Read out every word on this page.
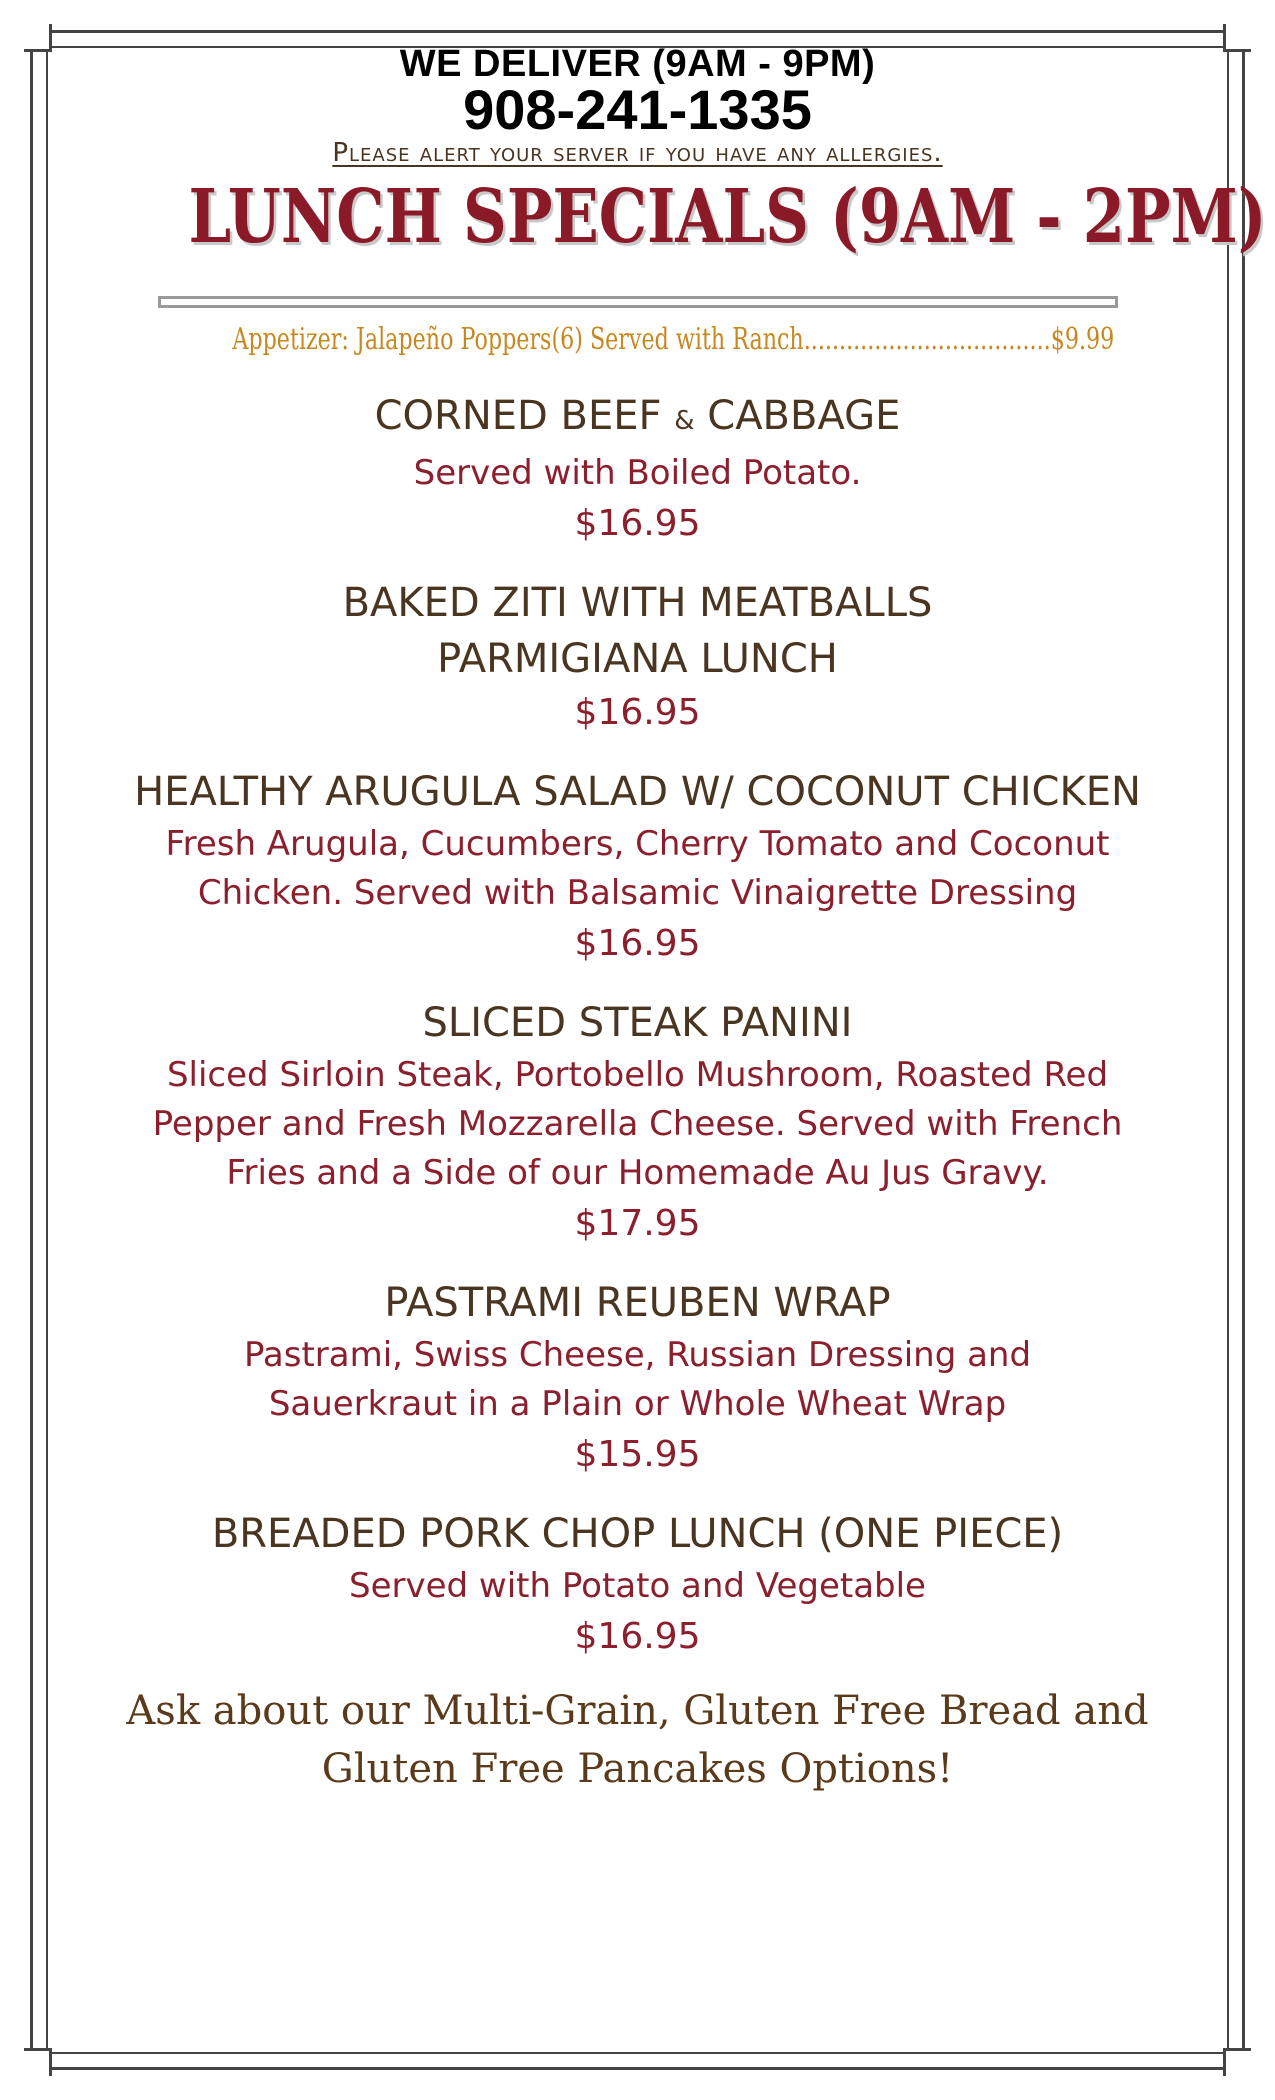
WE DELIVER (9AM - 9PM)
908-241-1335
Please alert your server if you have any allergies.
LUNCH SPECIALS (9AM - 2PM)
Appetizer: Jalapeño Poppers(6) Served with Ranch...................................$9.99
CORNED BEEF & CABBAGE
Served with Boiled Potato.
$16.95
BAKED ZITI WITH MEATBALLS PARMIGIANA LUNCH
$16.95
HEALTHY ARUGULA SALAD W/ COCONUT CHICKEN
Fresh Arugula, Cucumbers, Cherry Tomato and Coconut Chicken. Served with Balsamic Vinaigrette Dressing
$16.95
SLICED STEAK PANINI
Sliced Sirloin Steak, Portobello Mushroom, Roasted Red Pepper and Fresh Mozzarella Cheese. Served with French Fries and a Side of our Homemade Au Jus Gravy.
$17.95
PASTRAMI REUBEN WRAP
Pastrami, Swiss Cheese, Russian Dressing and Sauerkraut in a Plain or Whole Wheat Wrap
$15.95
BREADED PORK CHOP LUNCH (ONE PIECE)
Served with Potato and Vegetable
$16.95
Ask about our Multi-Grain, Gluten Free Bread and Gluten Free Pancakes Options!
